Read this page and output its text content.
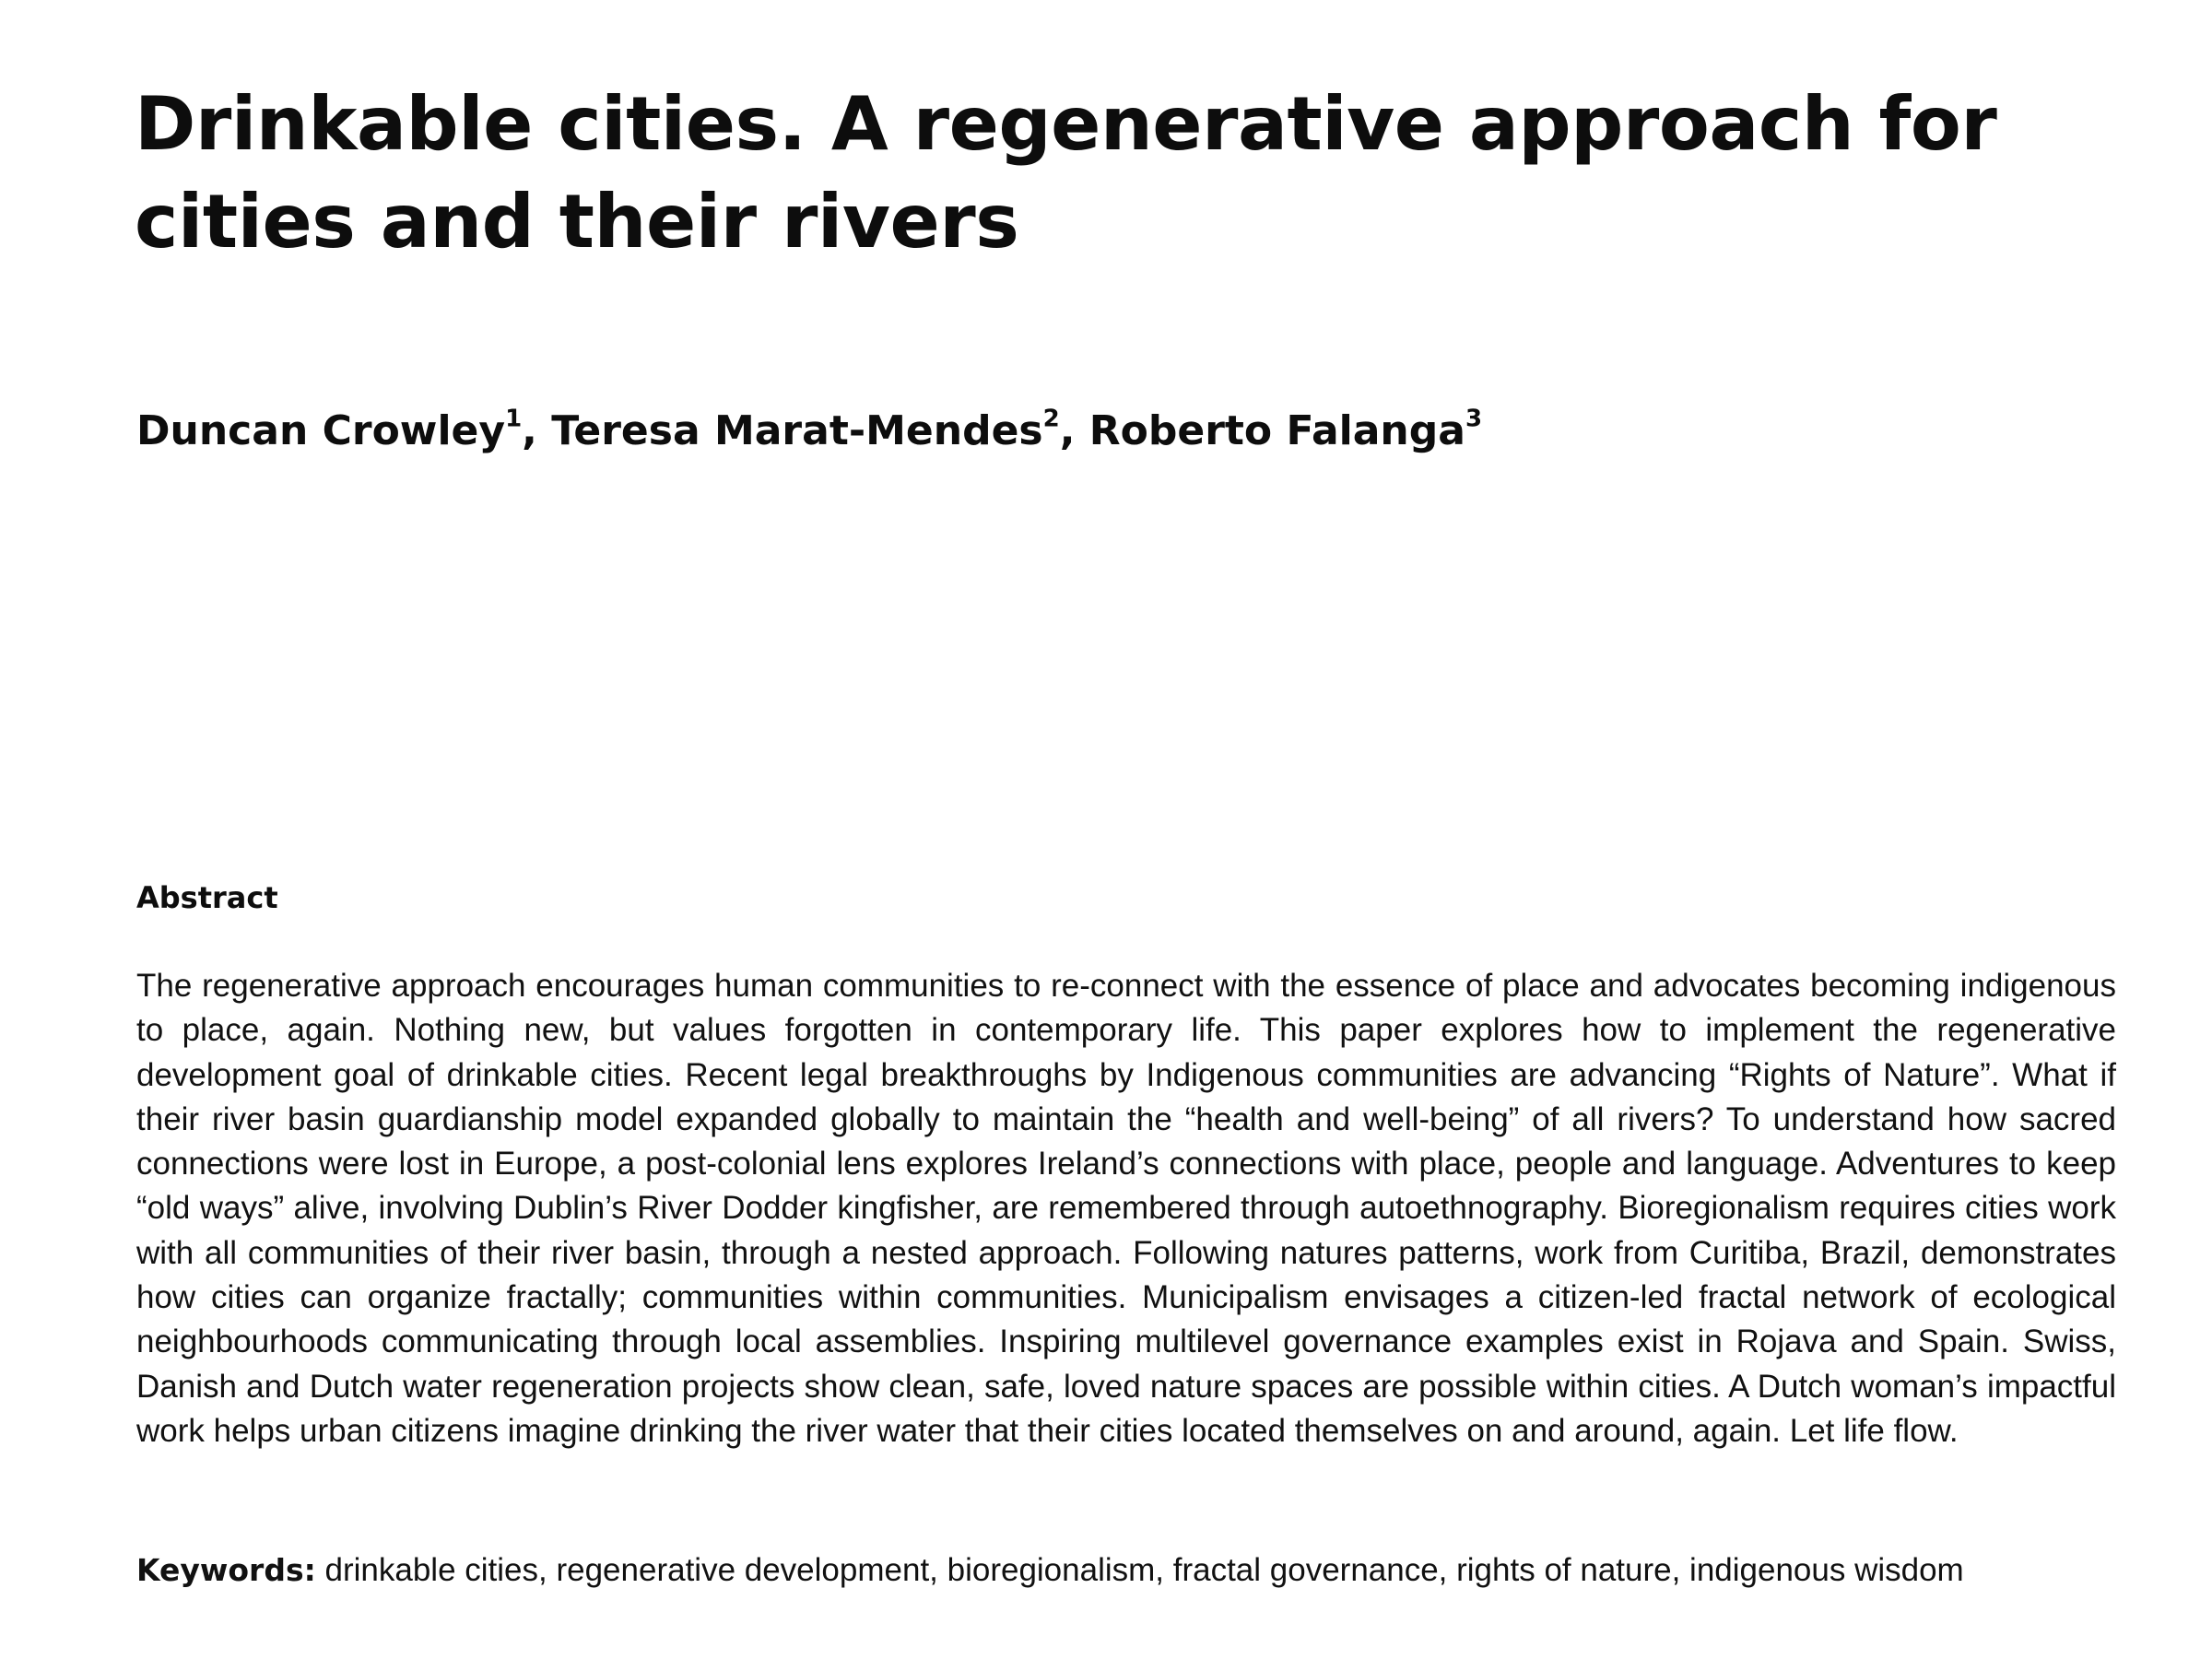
Drinkable cities. A regenerative approach for cities and their rivers

Duncan Crowley$^1$, Teresa Marat-Mendes$^2$, Roberto Falanga$^3$

Abstract

The regenerative approach encourages human communities to re-connect with the essence of place and advocates becoming indigenous to place, again. Nothing new, but values forgotten in contemporary life. This paper explores how to implement the regenerative development goal of drinkable cities. Recent legal breakthroughs by Indigenous communities are advancing “Rights of Nature”. What if their river basin guardianship model expanded globally to maintain the “health and well-being” of all rivers? To understand how sacred connections were lost in Europe, a post-colonial lens explores Ireland’s connections with place, people and language. Adventures to keep “old ways” alive, involving Dublin’s River Dodder kingfisher, are remembered through autoethnography. Bioregionalism requires cities work with all communities of their river basin, through a nested approach. Following natures patterns, work from Curitiba, Brazil, demonstrates how cities can organize fractally; communities within communities. Municipalism envisages a citizen-led fractal network of ecological neighbourhoods communicating through local assemblies. Inspiring multilevel governance examples exist in Rojava and Spain. Swiss, Danish and Dutch water regeneration projects show clean, safe, loved nature spaces are possible within cities. A Dutch woman’s impactful work helps urban citizens imagine drinking the river water that their cities located themselves on and around, again. Let life flow.

Keywords: drinkable cities, regenerative development, bioregionalism, fractal governance, rights of nature, indigenous wisdom
